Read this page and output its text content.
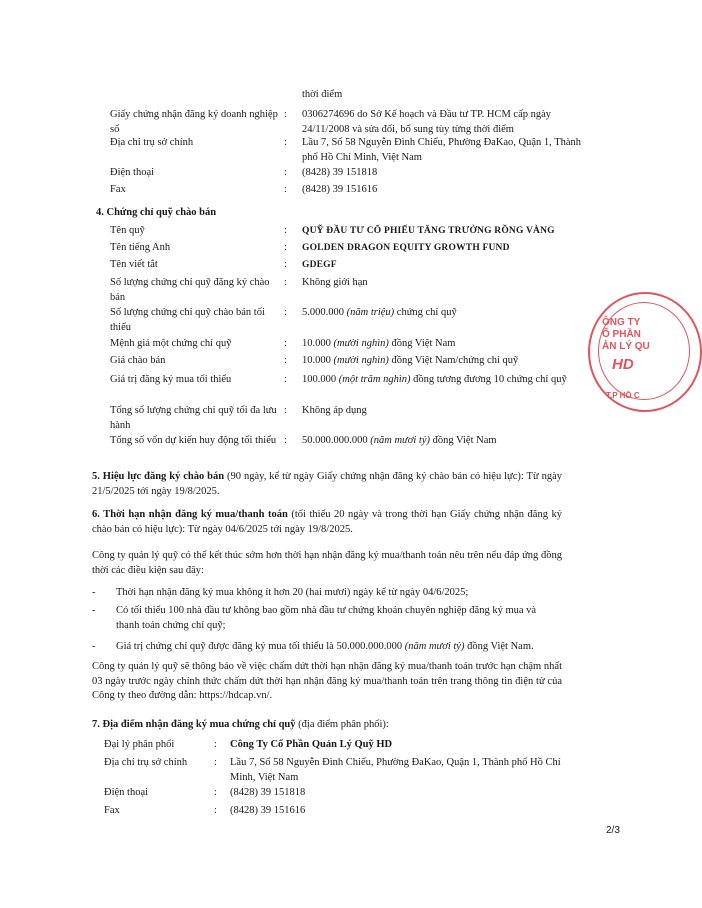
thời điểm
Giấy chứng nhận đăng ký doanh nghiệp số
: 0306274696 do Sở Kế hoạch và Đầu tư TP. HCM cấp ngày 24/11/2008 và sửa đổi, bổ sung tùy từng thời điểm
Địa chỉ trụ sở chính	: Lầu 7, Số 58 Nguyễn Đình Chiểu, Phường ĐaKao, Quận 1, Thành phố Hồ Chí Minh, Việt Nam
Điện thoại	: (8428) 39 151818
Fax	: (8428) 39 151616
4. Chứng chỉ quỹ chào bán
Tên quỹ	: QUỸ ĐẦU TƯ CỔ PHIẾU TĂNG TRƯỞNG RỒNG VÀNG
Tên tiếng Anh	: GOLDEN DRAGON EQUITY GROWTH FUND
Tên viết tắt	: GDEGF
Số lượng chứng chỉ quỹ đăng ký chào bán
: Không giới hạn
Số lượng chứng chỉ quỹ chào bán tối thiểu
: 5.000.000 (năm triệu) chứng chỉ quỹ
Mệnh giá một chứng chỉ quỹ	: 10.000 (mười nghìn) đồng Việt Nam
Giá chào bán	: 10.000 (mười nghìn) đồng Việt Nam/chứng chỉ quỹ
Giá trị đăng ký mua tối thiểu	: 100.000 (một trăm nghìn) đồng tương đương 10 chứng chỉ quỹ
Tổng số lượng chứng chỉ quỹ tối đa lưu hành
: Không áp dụng
Tổng số vốn dự kiến huy động tối thiểu : 50.000.000.000 (năm mươi tỷ) đồng Việt Nam
5. Hiệu lực đăng ký chào bán (90 ngày, kể từ ngày Giấy chứng nhận đăng ký chào bán có hiệu lực): Từ ngày 21/5/2025 tới ngày 19/8/2025.
6. Thời hạn nhận đăng ký mua/thanh toán (tối thiểu 20 ngày và trong thời hạn Giấy chứng nhận đăng ký chào bán có hiệu lực): Từ ngày 04/6/2025 tới ngày 19/8/2025.
Công ty quản lý quỹ có thể kết thúc sớm hơn thời hạn nhận đăng ký mua/thanh toán nêu trên nếu đáp ứng đồng thời các điều kiện sau đây:
- Thời hạn nhận đăng ký mua không ít hơn 20 (hai mươi) ngày kể từ ngày 04/6/2025;
- Có tối thiểu 100 nhà đầu tư không bao gồm nhà đầu tư chứng khoán chuyên nghiệp đăng ký mua và thanh toán chứng chỉ quỹ;
- Giá trị chứng chỉ quỹ được đăng ký mua tối thiểu là 50.000.000.000 (năm mươi tỷ) đồng Việt Nam.
Công ty quản lý quỹ sẽ thông báo về việc chấm dứt thời hạn nhận đăng ký mua/thanh toán trước hạn chậm nhất 03 ngày trước ngày chính thức chấm dứt thời hạn nhận đăng ký mua/thanh toán trên trang thông tin điện tử của Công ty theo đường dẫn: https://hdcap.vn/.
7. Địa điểm nhận đăng ký mua chứng chỉ quỹ (địa điểm phân phối):
Đại lý phân phối	: Công Ty Cổ Phần Quản Lý Quỹ HD
Địa chỉ trụ sở chính	: Lầu 7, Số 58 Nguyễn Đình Chiểu, Phường ĐaKao, Quận 1, Thành phố Hồ Chí Minh, Việt Nam
Điện thoại	: (8428) 39 151818
Fax	: (8428) 39 151616
ÔNG TY
Ổ PHẦN
ẢN LÝ QU
HD
T.P HỒ C
2/3
